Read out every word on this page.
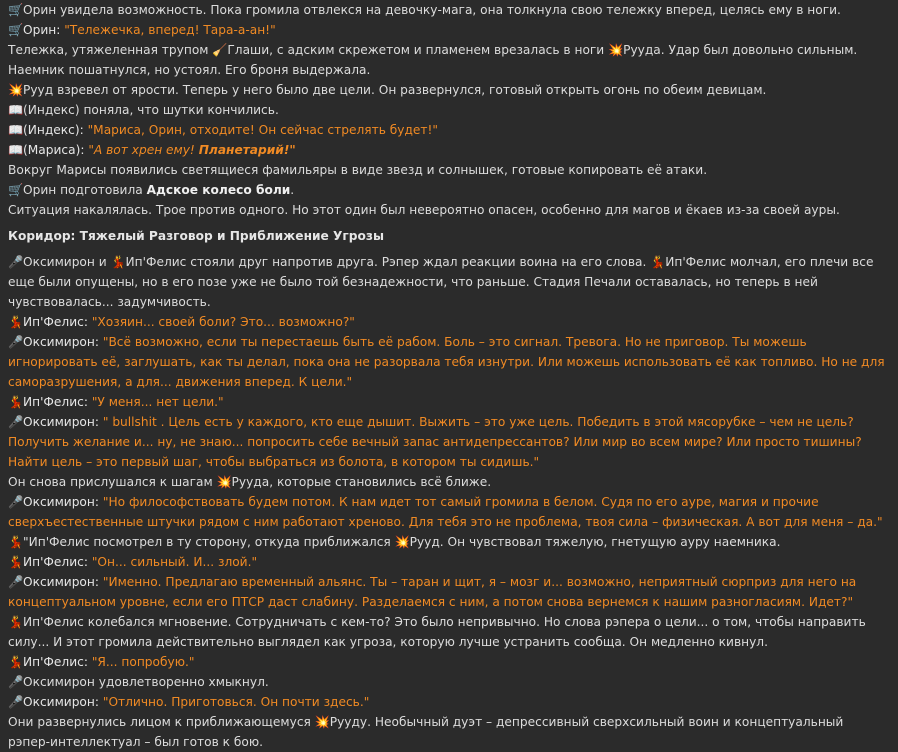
🛒Орин увидела возможность. Пока громила отвлекся на девочку-мага, она толкнула свою тележку вперед, целясь ему в ноги.

🛒Орин: "Тележечка, вперед! Тара-а-ан!"

Тележка, утяжеленная трупом 🧹Глаши, с адским скрежетом и пламенем врезалась в ноги 💥Рууда. Удар был довольно сильным. Наемник пошатнулся, но устоял. Его броня выдержала.

💥Рууд взревел от ярости. Теперь у него было две цели. Он развернулся, готовый открыть огонь по обеим девицам.

📖(Индекс) поняла, что шутки кончились.

📖(Индекс): "Мариса, Орин, отходите! Он сейчас стрелять будет!"

📖(Мариса): "А вот хрен ему! Планетарий!"

Вокруг Марисы появились светящиеся фамильяры в виде звезд и солнышек, готовые копировать её атаки.

🛒Орин подготовила Адское колесо боли.

Ситуация накалялась. Трое против одного. Но этот один был невероятно опасен, особенно для магов и ёкаев из-за своей ауры.

Коридор: Тяжелый Разговор и Приближение Угрозы

🎤Оксимирон и 💃Ип'Фелис стояли друг напротив друга. Рэпер ждал реакции воина на его слова. 💃Ип'Фелис молчал, его плечи все еще были опущены, но в его позе уже не было той безнадежности, что раньше. Стадия Печали оставалась, но теперь в ней чувствовалась... задумчивость.

💃Ип'Фелис: "Хозяин... своей боли? Это... возможно?"

🎤Оксимирон: "Всё возможно, если ты перестаешь быть её рабом. Боль – это сигнал. Тревога. Но не приговор. Ты можешь игнорировать её, заглушать, как ты делал, пока она не разорвала тебя изнутри. Или можешь использовать её как топливо. Но не для саморазрушения, а для... движения вперед. К цели."

💃Ип'Фелис: "У меня... нет цели."

🎤Оксимирон: " bullshit . Цель есть у каждого, кто еще дышит. Выжить – это уже цель. Победить в этой мясорубке – чем не цель? Получить желание и... ну, не знаю... попросить себе вечный запас антидепрессантов? Или мир во всем мире? Или просто тишины? Найти цель – это первый шаг, чтобы выбраться из болота, в котором ты сидишь."

Он снова прислушался к шагам 💥Рууда, которые становились всё ближе.

🎤Оксимирон: "Но философствовать будем потом. К нам идет тот самый громила в белом. Судя по его ауре, магия и прочие сверхъестественные штучки рядом с ним работают хреново. Для тебя это не проблема, твоя сила – физическая. А вот для меня – да."

💃"Ип'Фелис посмотрел в ту сторону, откуда приближался 💥Рууд. Он чувствовал тяжелую, гнетущую ауру наемника.

💃Ип'Фелис: "Он... сильный. И... злой."

🎤Оксимирон: "Именно. Предлагаю временный альянс. Ты – таран и щит, я – мозг и... возможно, неприятный сюрприз для него на концептуальном уровне, если его ПТСР даст слабину. Разделаемся с ним, а потом снова вернемся к нашим разногласиям. Идет?"

💃Ип'Фелис колебался мгновение. Сотрудничать с кем-то? Это было непривычно. Но слова рэпера о цели... о том, чтобы направить силу... И этот громила действительно выглядел как угроза, которую лучше устранить сообща. Он медленно кивнул.

💃Ип'Фелис: "Я... попробую."

🎤Оксимирон удовлетворенно хмыкнул.

🎤Оксимирон: "Отлично. Приготовься. Он почти здесь."

Они развернулись лицом к приближающемуся 💥Рууду. Необычный дуэт – депрессивный сверхсильный воин и концептуальный рэпер-интеллектуал – был готов к бою.
